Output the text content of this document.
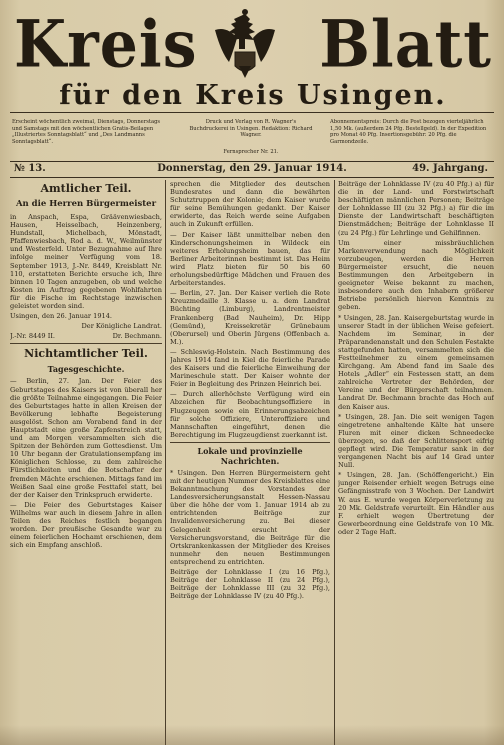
Kreis Blatt
für den Kreis Usingen.
Erscheint wöchentlich zweimal, Dienstags, Donnerstags und Samstags mit den wöchentlichen Gratis-Beilagen „Illustriertes Sonntagsblatt“ und „Des Landmanns Sonntagsblatt“.
Druck und Verlag von R. Wagner's Buchdruckerei in Usingen. Redaktion: Richard Wagner.
Fernsprecher Nr. 21.
Abonnementspreis: Durch die Post bezogen vierteljährlich 1,50 Mk. (außerdem 24 Pfg. Bestellgeld). In der Expedition pro Monat 40 Pfg. Insertionsgebühr: 20 Pfg. die Garmondzeile.
№ 13.	Donnerstag, den 29. Januar 1914.	49. Jahrgang.
Amtlicher Teil.
An die Herren Bürgermeister

in Anspach, Espa, Gräävenwiesbach, Hausen, Heisselbach, Heinzenberg, Hundstall, Michelbach, Mönstadt, Pfaffenwiesbach, Rod a. d. W., Weilmünster und Westerfeld. Unter Bezugnahme auf Ihre infolge meiner Verfügung vom 18. September 1913, J.-Nr. 8449, Kreisblatt Nr. 110, erstatteten Berichte ersuche ich, Ihre binnen 10 Tagen anzugeben, ob und welche Kosten im Auftrag gegebenen Wohlfahrten für die Fische im Rechtstage inzwischen geleistet worden sind.

Usingen, den 26. Januar 1914.

Der Königliche Landrat.

J.-Nr. 8449 II.	Dr. Bechmann.

Nichtamtlicher Teil.
Tagesgeschichte.

— Berlin, 27. Jan. Der Feier des Geburtstages des Kaisers ist von überall her die größte Teilnahme eingegangen. Die Feier des Geburtstages hatte in allen Kreisen der Bevölkerung lebhafte Begeisterung ausgelöst. Schon am Vorabend fand in der Hauptstadt eine große Zapfenstreich statt, und am Morgen versammelten sich die Spitzen der Behörden zum Gottesdienst. Um 10 Uhr begann der Gratulationsempfang im Königlichen Schlosse, zu dem zahlreiche Fürstlichkeiten und die Botschafter der fremden Mächte erschienen. Mittags fand im Weißen Saal eine große Festtafel statt, bei der der Kaiser den Trinkspruch erwiderte.

— Die Feier des Geburtstages Kaiser Wilhelms war auch in diesem Jahre in allen Teilen des Reiches festlich begangen worden. Der preußische Gesandte war zu einem feierlichen Hochamt erschienen, dem sich ein Empfang anschloß.

sprechen die Mitglieder des deutschen Bundesrates und dann die bewährten Schutztruppen der Kolonie; dem Kaiser wurde für seine Bemühungen gedankt. Der Kaiser erwiderte, das Reich werde seine Aufgaben auch in Zukunft erfüllen.

— Der Kaiser läßt unmittelbar neben den Kinderschonungsheimen in Wildeck ein weiteres Erholungsheim bauen, das für Berliner Arbeiterinnen bestimmt ist. Das Heim wird Platz bieten für 50 bis 60 erholungsbedürftige Mädchen und Frauen des Arbeiterstandes.

— Berlin, 27. Jan. Der Kaiser verlieh die Rote Kreuzmedaille 3. Klasse u. a. dem Landrat Büchting (Limburg), Landrentmeister Frankenberg (Bad Nauheim), Dr. Hipp (Gemünd), Kreissekretär Grünebaum (Oberursel) und Oberin Jürgens (Offenbach a. M.).

— Schleswig-Holstein. Nach Bestimmung des Jahres 1914 fand in Kiel die feierliche Parade des Kaisers und die feierliche Einweihung der Marineschule statt. Der Kaiser wohnte der Feier in Begleitung des Prinzen Heinrich bei.

— Durch allerhöchste Verfügung wird ein Abzeichen für Beobachtungsoffiziere in Flugzeugen sowie ein Erinnerungsabzeichen für solche Offiziere, Unteroffiziere und Mannschaften eingeführt, denen die Berechtigung im Flugzeugdienst zuerkannt ist.

Lokale und provinzielle Nachrichten.

* Usingen. Den Herren Bürgermeistern geht mit der heutigen Nummer des Kreisblattes eine Bekanntmachung des Vorstandes der Landesversicherungsanstalt Hessen-Nassau über die höhe der vom 1. Januar 1914 ab zu entrichtenden Beiträge zur Invalidenversicherung zu. Bei dieser Gelegenheit ersucht der Versicherungsvorstand, die Beiträge für die Ortskrankenkassen der Mitglieder des Kreises nunmehr den neuen Bestimmungen entsprechend zu entrichten.

Beiträge der Lohnklasse I (zu 16 Pfg.), Beiträge der Lohnklasse II (zu 24 Pfg.), Beiträge der Lohnklasse III (zu 32 Pfg.), Beiträge der Lohnklasse IV (zu 40 Pfg.).

Beiträge der Lohnklasse IV (zu 40 Pfg.) a) für die in der Land- und Forstwirtschaft beschäftigten männlichen Personen; Beiträge der Lohnklasse III (zu 32 Pfg.) a) für die im Dienste der Landwirtschaft beschäftigten Dienstmädchen; Beiträge der Lohnklasse II (zu 24 Pfg.) für Lehrlinge und Gehilfinnen.

Um einer missbräuchlichen Markenverwendung nach Möglichkeit vorzubeugen, werden die Herren Bürgermeister ersucht, die neuen Bestimmungen den Arbeitgebern in geeigneter Weise bekannt zu machen, insbesondere auch den Inhabern größerer Betriebe persönlich hiervon Kenntnis zu geben.

* Usingen, 28. Jan. Kaisergeburtstag wurde in unserer Stadt in der üblichen Weise gefeiert. Nachdem im Seminar, in der Präparandenanstalt und den Schulen Festakte stattgefunden hatten, versammelten sich die Festteilnehmer zu einem gemeinsamen Kirchgang. Am Abend fand im Saale des Hotels „Adler“ ein Festessen statt, an dem zahlreiche Vertreter der Behörden, der Vereine und der Bürgerschaft teilnahmen. Landrat Dr. Bechmann brachte das Hoch auf den Kaiser aus.

* Usingen, 28. Jan. Die seit wenigen Tagen eingetretene anhaltende Kälte hat unsere Fluren mit einer dicken Schneedecke überzogen, so daß der Schlittensport eifrig gepflegt wird. Die Temperatur sank in der vergangenen Nacht bis auf 14 Grad unter Null.

* Usingen, 28. Jan. (Schöffengericht.) Ein junger Reisender erhielt wegen Betrugs eine Gefängnisstrafe von 3 Wochen. Der Landwirt W. aus E. wurde wegen Körperverletzung zu 20 Mk. Geldstrafe verurteilt. Ein Händler aus F. erhielt wegen Übertretung der Gewerbeordnung eine Geldstrafe von 10 Mk. oder 2 Tage Haft.
